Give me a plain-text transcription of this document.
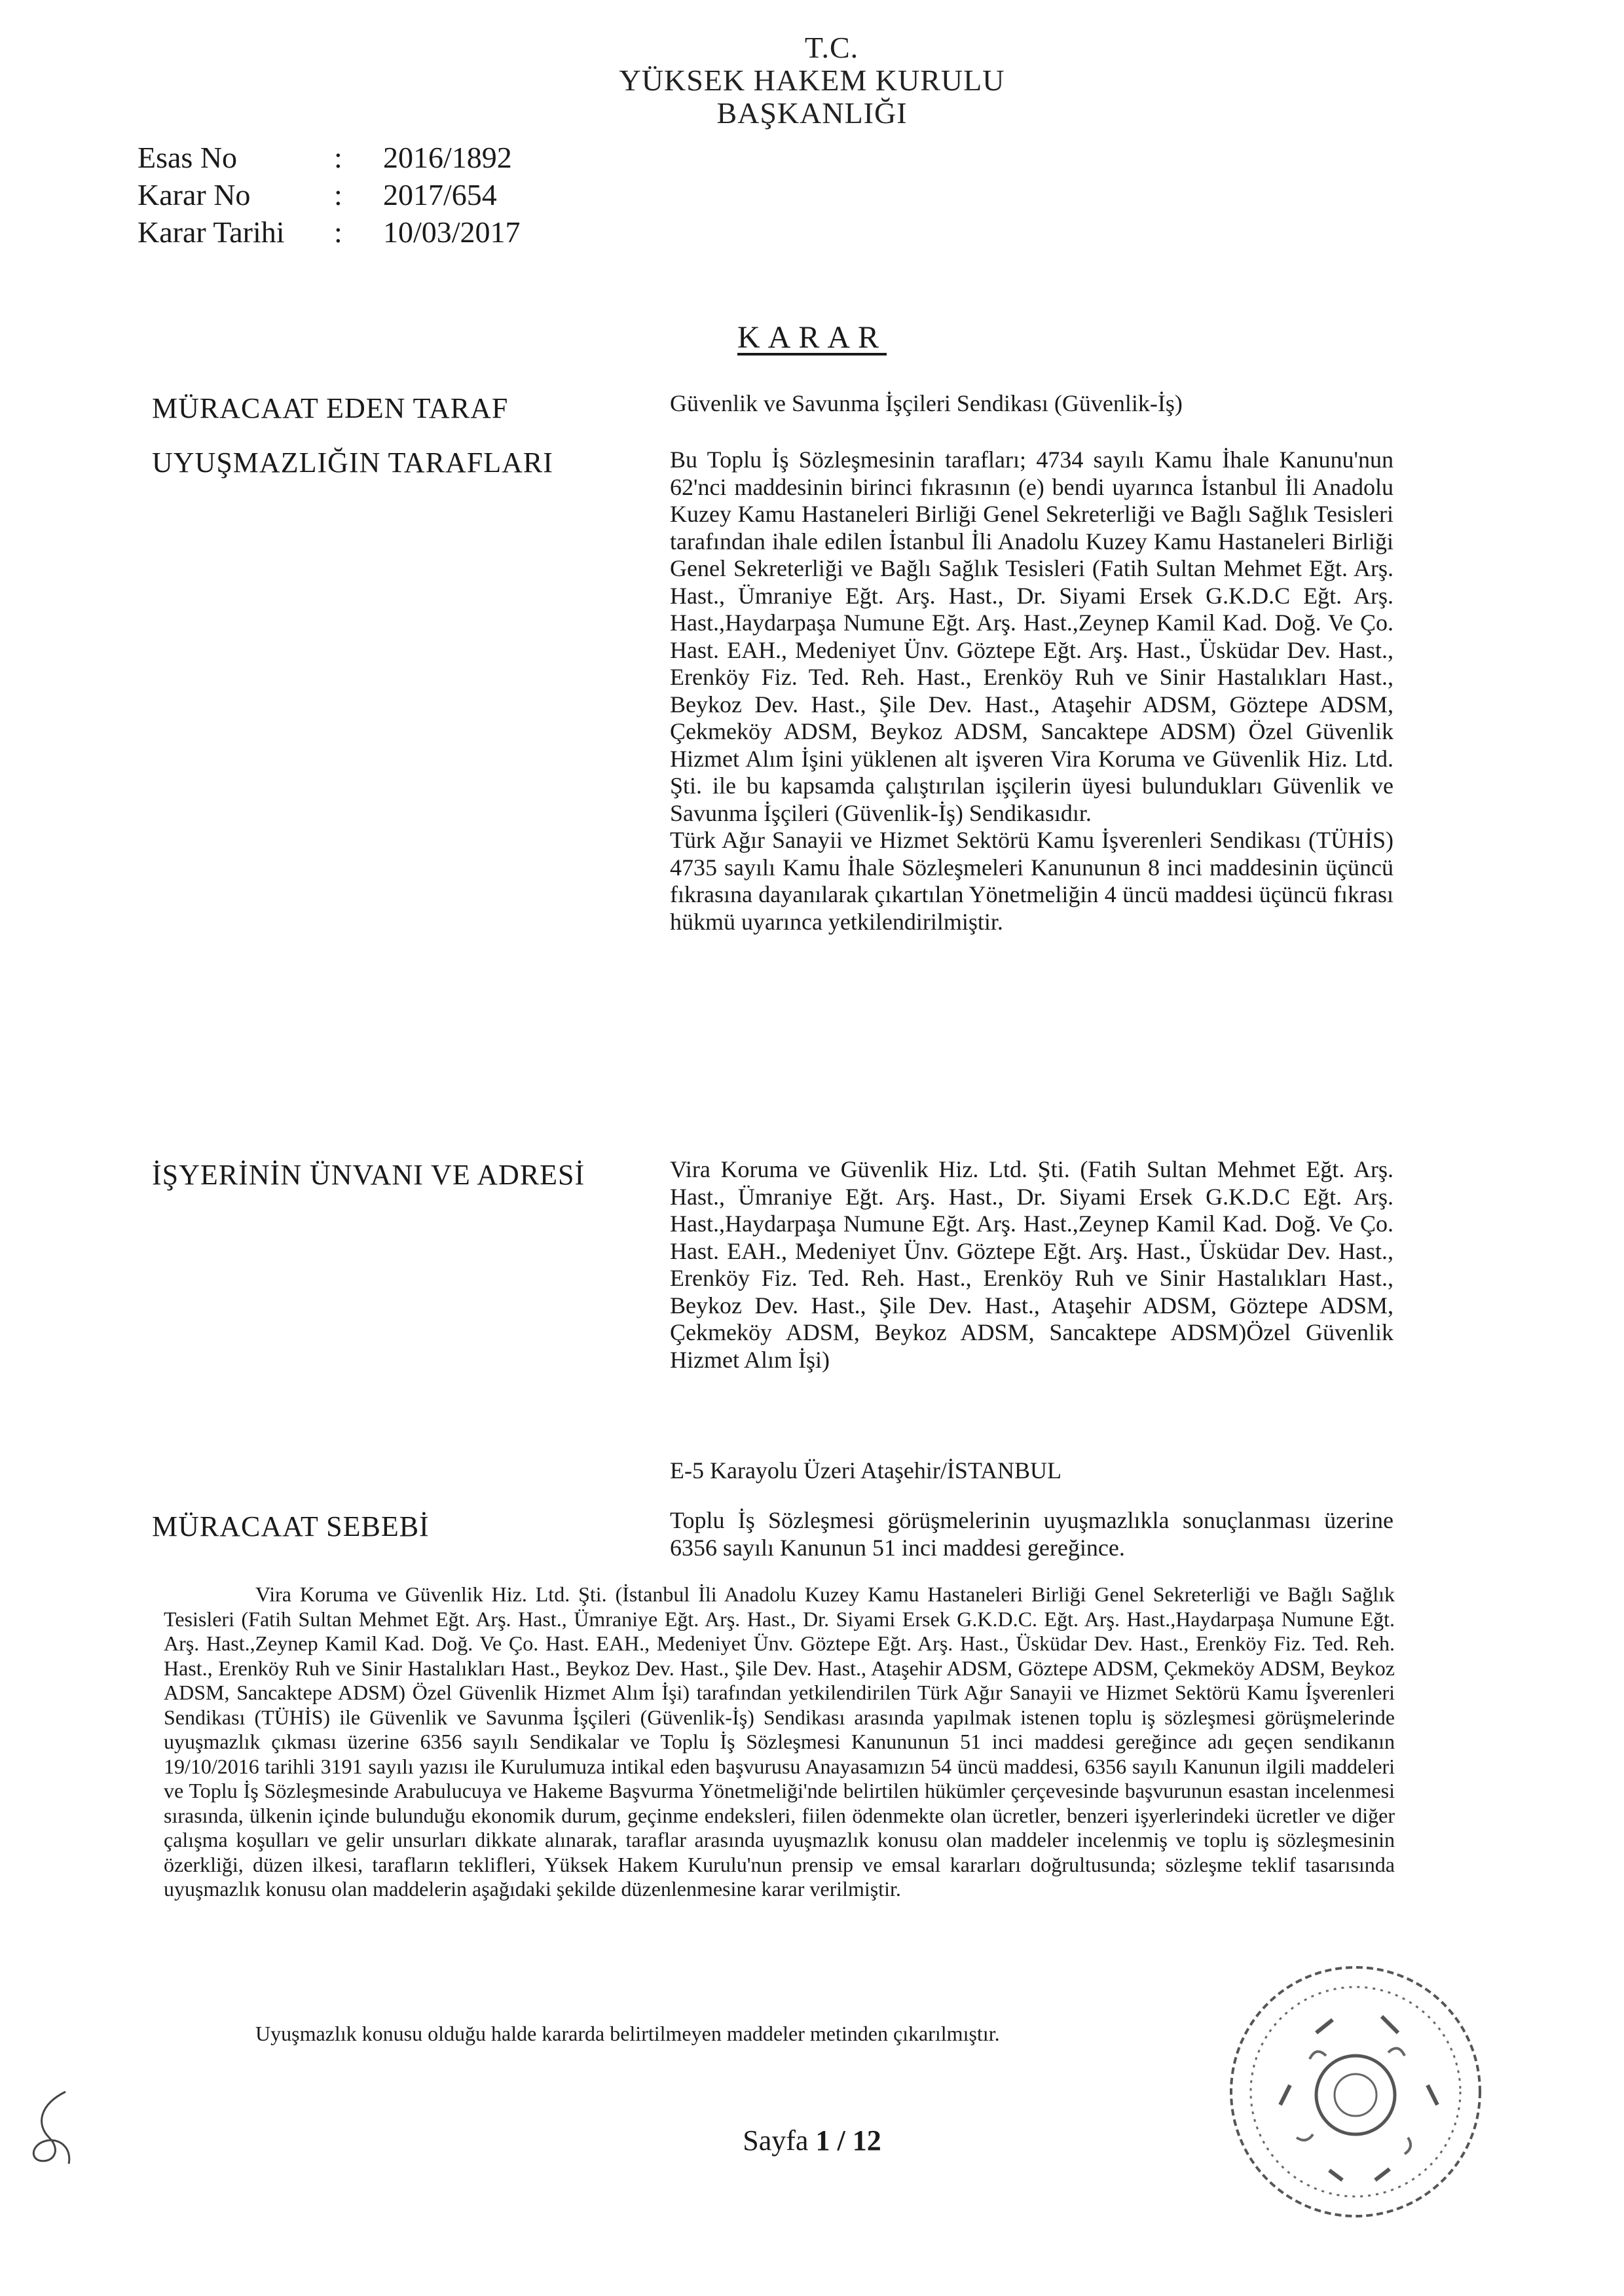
T.C.
YÜKSEK HAKEM KURULU
BAŞKANLIĞI
Esas No	:	2016/1892
Karar No	:	2017/654
Karar Tarihi	:	10/03/2017
KARAR
MÜRACAAT EDEN TARAF	Güvenlik ve Savunma İşçileri Sendikası (Güvenlik-İş)
UYUŞMAZLIĞIN TARAFLARI	Bu Toplu İş Sözleşmesinin tarafları; 4734 sayılı Kamu İhale Kanunu'nun 62'nci maddesinin birinci fıkrasının (e) bendi uyarınca İstanbul İli Anadolu Kuzey Kamu Hastaneleri Birliği Genel Sekreterliği ve Bağlı Sağlık Tesisleri tarafından ihale edilen İstanbul İli Anadolu Kuzey Kamu Hastaneleri Birliği Genel Sekreterliği ve Bağlı Sağlık Tesisleri (Fatih Sultan Mehmet Eğt. Arş. Hast., Ümraniye Eğt. Arş. Hast., Dr. Siyami Ersek G.K.D.C Eğt. Arş. Hast.,Haydarpaşa Numune Eğt. Arş. Hast.,Zeynep Kamil Kad. Doğ. Ve Ço. Hast. EAH., Medeniyet Ünv. Göztepe Eğt. Arş. Hast., Üsküdar Dev. Hast., Erenköy Fiz. Ted. Reh. Hast., Erenköy Ruh ve Sinir Hastalıkları Hast., Beykoz Dev. Hast., Şile Dev. Hast., Ataşehir ADSM, Göztepe ADSM, Çekmeköy ADSM, Beykoz ADSM, Sancaktepe ADSM) Özel Güvenlik Hizmet Alım İşini yüklenen alt işveren Vira Koruma ve Güvenlik Hiz. Ltd. Şti. ile bu kapsamda çalıştırılan işçilerin üyesi bulundukları Güvenlik ve Savunma İşçileri (Güvenlik-İş) Sendikasıdır.

Türk Ağır Sanayii ve Hizmet Sektörü Kamu İşverenleri Sendikası (TÜHİS) 4735 sayılı Kamu İhale Sözleşmeleri Kanununun 8 inci maddesinin üçüncü fıkrasına dayanılarak çıkartılan Yönetmeliğin 4 üncü maddesi üçüncü fıkrası hükmü uyarınca yetkilendirilmiştir.

İŞYERİNİN ÜNVANI VE ADRESİ	Vira Koruma ve Güvenlik Hiz. Ltd. Şti. (Fatih Sultan Mehmet Eğt. Arş. Hast., Ümraniye Eğt. Arş. Hast., Dr. Siyami Ersek G.K.D.C Eğt. Arş. Hast.,Haydarpaşa Numune Eğt. Arş. Hast.,Zeynep Kamil Kad. Doğ. Ve Ço. Hast. EAH., Medeniyet Ünv. Göztepe Eğt. Arş. Hast., Üsküdar Dev. Hast., Erenköy Fiz. Ted. Reh. Hast., Erenköy Ruh ve Sinir Hastalıkları Hast., Beykoz Dev. Hast., Şile Dev. Hast., Ataşehir ADSM, Göztepe ADSM, Çekmeköy ADSM, Beykoz ADSM, Sancaktepe ADSM)Özel Güvenlik Hizmet Alım İşi)
E-5 Karayolu Üzeri Ataşehir/İSTANBUL
MÜRACAAT SEBEBİ	Toplu İş Sözleşmesi görüşmelerinin uyuşmazlıkla sonuçlanması üzerine 6356 sayılı Kanunun 51 inci maddesi gereğince.
Vira Koruma ve Güvenlik Hiz. Ltd. Şti. (İstanbul İli Anadolu Kuzey Kamu Hastaneleri Birliği Genel Sekreterliği ve Bağlı Sağlık Tesisleri (Fatih Sultan Mehmet Eğt. Arş. Hast., Ümraniye Eğt. Arş. Hast., Dr. Siyami Ersek G.K.D.C. Eğt. Arş. Hast.,Haydarpaşa Numune Eğt. Arş. Hast.,Zeynep Kamil Kad. Doğ. Ve Ço. Hast. EAH., Medeniyet Ünv. Göztepe Eğt. Arş. Hast., Üsküdar Dev. Hast., Erenköy Fiz. Ted. Reh. Hast., Erenköy Ruh ve Sinir Hastalıkları Hast., Beykoz Dev. Hast., Şile Dev. Hast., Ataşehir ADSM, Göztepe ADSM, Çekmeköy ADSM, Beykoz ADSM, Sancaktepe ADSM) Özel Güvenlik Hizmet Alım İşi) tarafından yetkilendirilen Türk Ağır Sanayii ve Hizmet Sektörü Kamu İşverenleri Sendikası (TÜHİS) ile Güvenlik ve Savunma İşçileri (Güvenlik-İş) Sendikası arasında yapılmak istenen toplu iş sözleşmesi görüşmelerinde uyuşmazlık çıkması üzerine 6356 sayılı Sendikalar ve Toplu İş Sözleşmesi Kanununun 51 inci maddesi gereğince adı geçen sendikanın 19/10/2016 tarihli 3191 sayılı yazısı ile Kurulumuza intikal eden başvurusu Anayasamızın 54 üncü maddesi, 6356 sayılı Kanunun ilgili maddeleri ve Toplu İş Sözleşmesinde Arabulucuya ve Hakeme Başvurma Yönetmeliği'nde belirtilen hükümler çerçevesinde başvurunun esastan incelenmesi sırasında, ülkenin içinde bulunduğu ekonomik durum, geçinme endeksleri, fiilen ödenmekte olan ücretler, benzeri işyerlerindeki ücretler ve diğer çalışma koşulları ve gelir unsurları dikkate alınarak, taraflar arasında uyuşmazlık konusu olan maddeler incelenmiş ve toplu iş sözleşmesinin özerkliği, düzen ilkesi, tarafların teklifleri, Yüksek Hakem Kurulu'nun prensip ve emsal kararları doğrultusunda; sözleşme teklif tasarısında uyuşmazlık konusu olan maddelerin aşağıdaki şekilde düzenlenmesine karar verilmiştir.
Uyuşmazlık konusu olduğu halde kararda belirtilmeyen maddeler metinden çıkarılmıştır.
Sayfa 1 / 12
